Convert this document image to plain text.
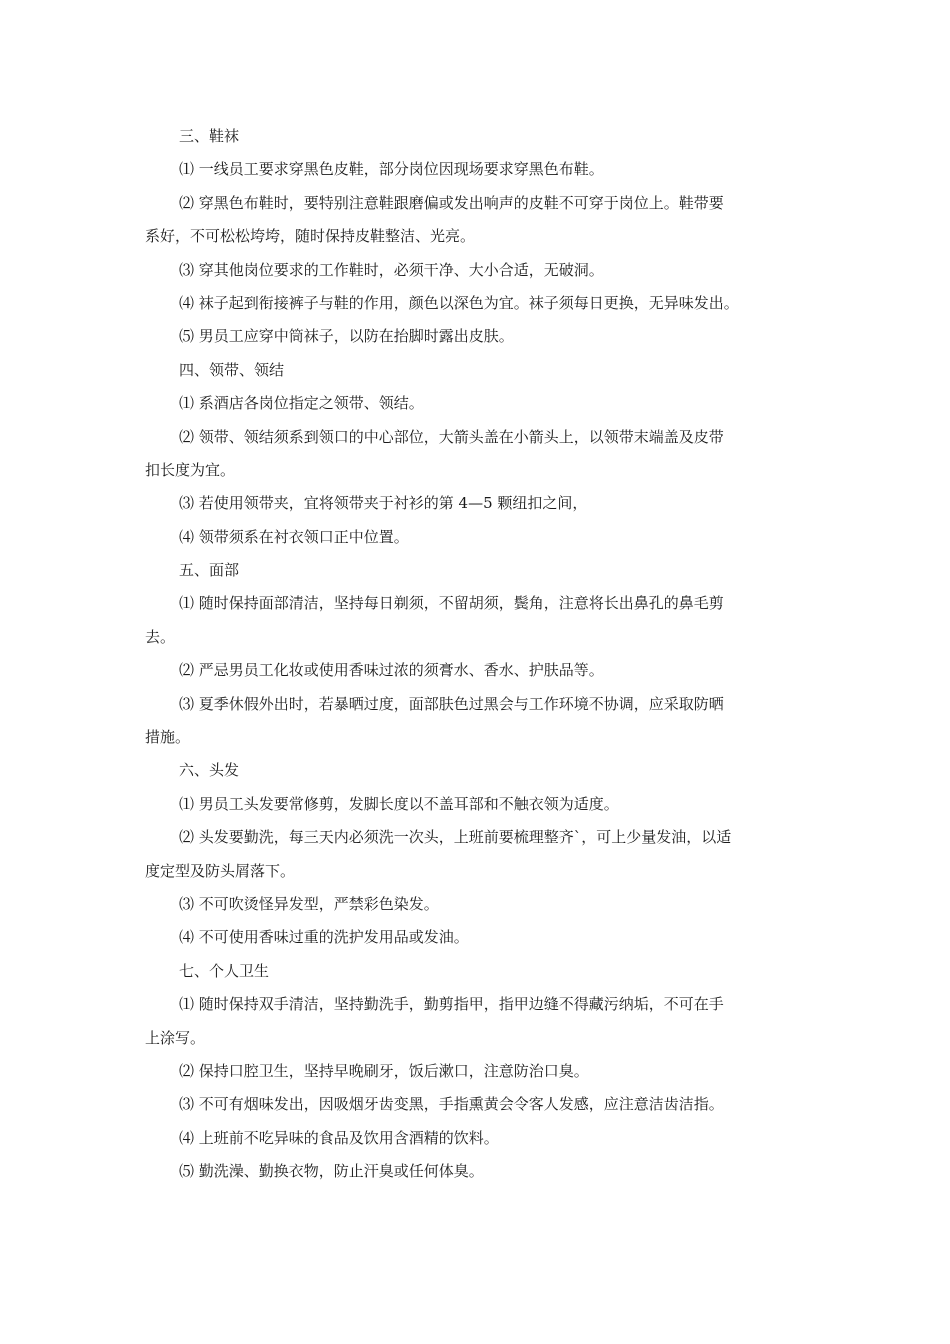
三、鞋袜
⑴ 一线员工要求穿黑色皮鞋，部分岗位因现场要求穿黑色布鞋。
⑵ 穿黑色布鞋时，要特别注意鞋跟磨偏或发出响声的皮鞋不可穿于岗位上。鞋带要
系好，不可松松垮垮，随时保持皮鞋整洁、光亮。
⑶ 穿其他岗位要求的工作鞋时，必须干净、大小合适，无破洞。
⑷ 袜子起到衔接裤子与鞋的作用，颜色以深色为宜。袜子须每日更换，无异味发出。
⑸ 男员工应穿中筒袜子，以防在抬脚时露出皮肤。
四、领带、领结
⑴ 系酒店各岗位指定之领带、领结。
⑵ 领带、领结须系到领口的中心部位，大箭头盖在小箭头上，以领带末端盖及皮带
扣长度为宜。
⑶ 若使用领带夹，宜将领带夹于衬衫的第 4—5 颗纽扣之间，
⑷ 领带须系在衬衣领口正中位置。
五、面部
⑴ 随时保持面部清洁，坚持每日剃须，不留胡须，鬓角，注意将长出鼻孔的鼻毛剪
去。
⑵ 严忌男员工化妆或使用香味过浓的须膏水、香水、护肤品等。
⑶ 夏季休假外出时，若暴晒过度，面部肤色过黑会与工作环境不协调，应采取防晒
措施。
六、头发
⑴ 男员工头发要常修剪，发脚长度以不盖耳部和不触衣领为适度。
⑵ 头发要勤洗，每三天内必须洗一次头，上班前要梳理整齐`，可上少量发油，以适
度定型及防头屑落下。
⑶ 不可吹烫怪异发型，严禁彩色染发。
⑷ 不可使用香味过重的洗护发用品或发油。
七、个人卫生
⑴ 随时保持双手清洁，坚持勤洗手，勤剪指甲，指甲边缝不得藏污纳垢，不可在手
上涂写。
⑵ 保持口腔卫生，坚持早晚刷牙，饭后漱口，注意防治口臭。
⑶ 不可有烟味发出，因吸烟牙齿变黑，手指熏黄会令客人发感，应注意洁齿洁指。
⑷ 上班前不吃异味的食品及饮用含酒精的饮料。
⑸ 勤洗澡、勤换衣物，防止汗臭或任何体臭。
